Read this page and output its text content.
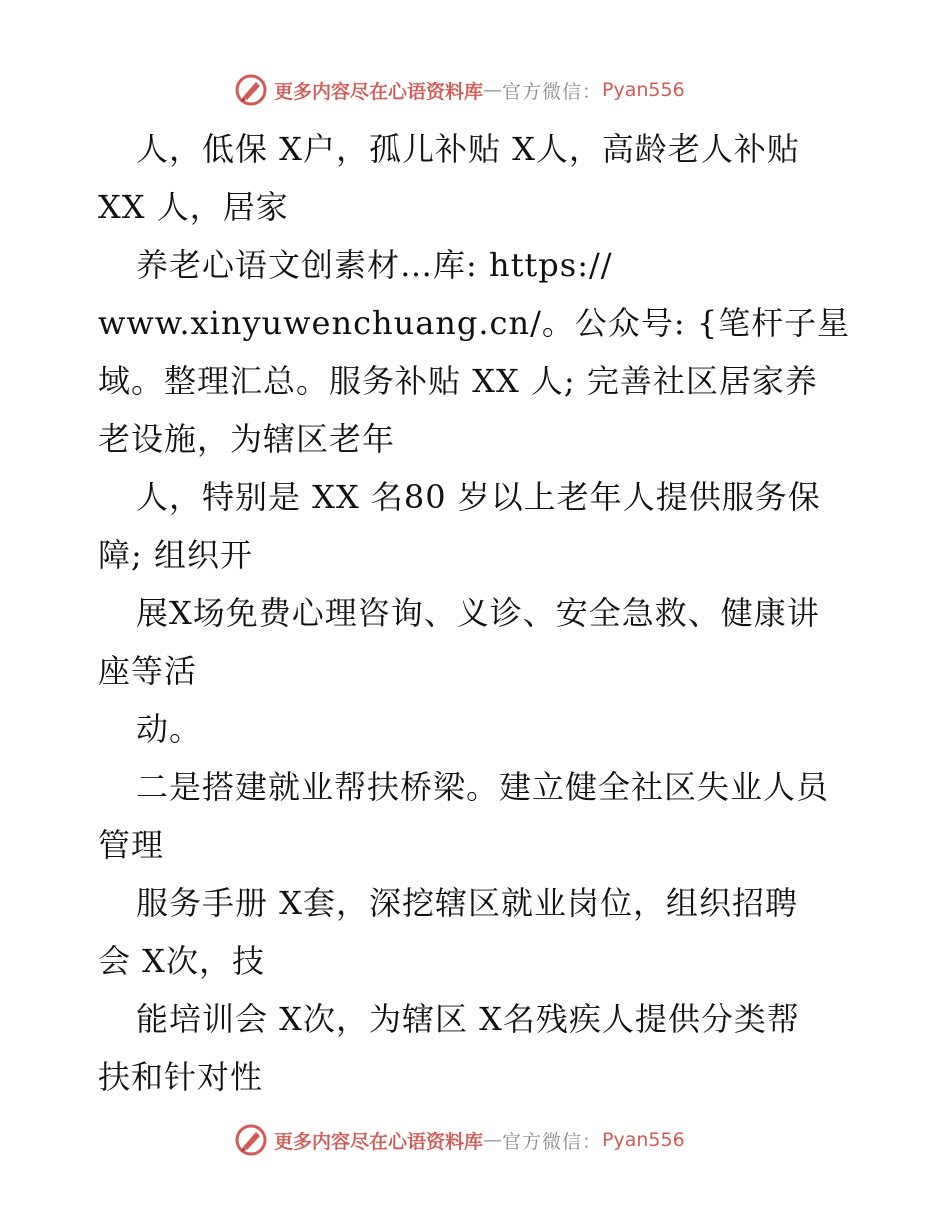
更多内容尽在心语资料库 — 官方微信： Pyan556
人，低保 X户，孤儿补贴 X人，高龄老人补贴
XX 人，居家
养老心语文创素材…库: https://
www.xinyuwenchuang.cn/。公众号: {笔杆子星
域。整理汇总。服务补贴 XX 人; 完善社区居家养
老设施，为辖区老年
人，特别是 XX 名80 岁以上老年人提供服务保
障; 组织开
展X场免费心理咨询、义诊、安全急救、健康讲
座等活
动。
二是搭建就业帮扶桥梁。建立健全社区失业人员
管理
服务手册 X套，深挖辖区就业岗位，组织招聘
会 X次，技
能培训会 X次，为辖区 X名残疾人提供分类帮
扶和针对性
更多内容尽在心语资料库 — 官方微信： Pyan556
